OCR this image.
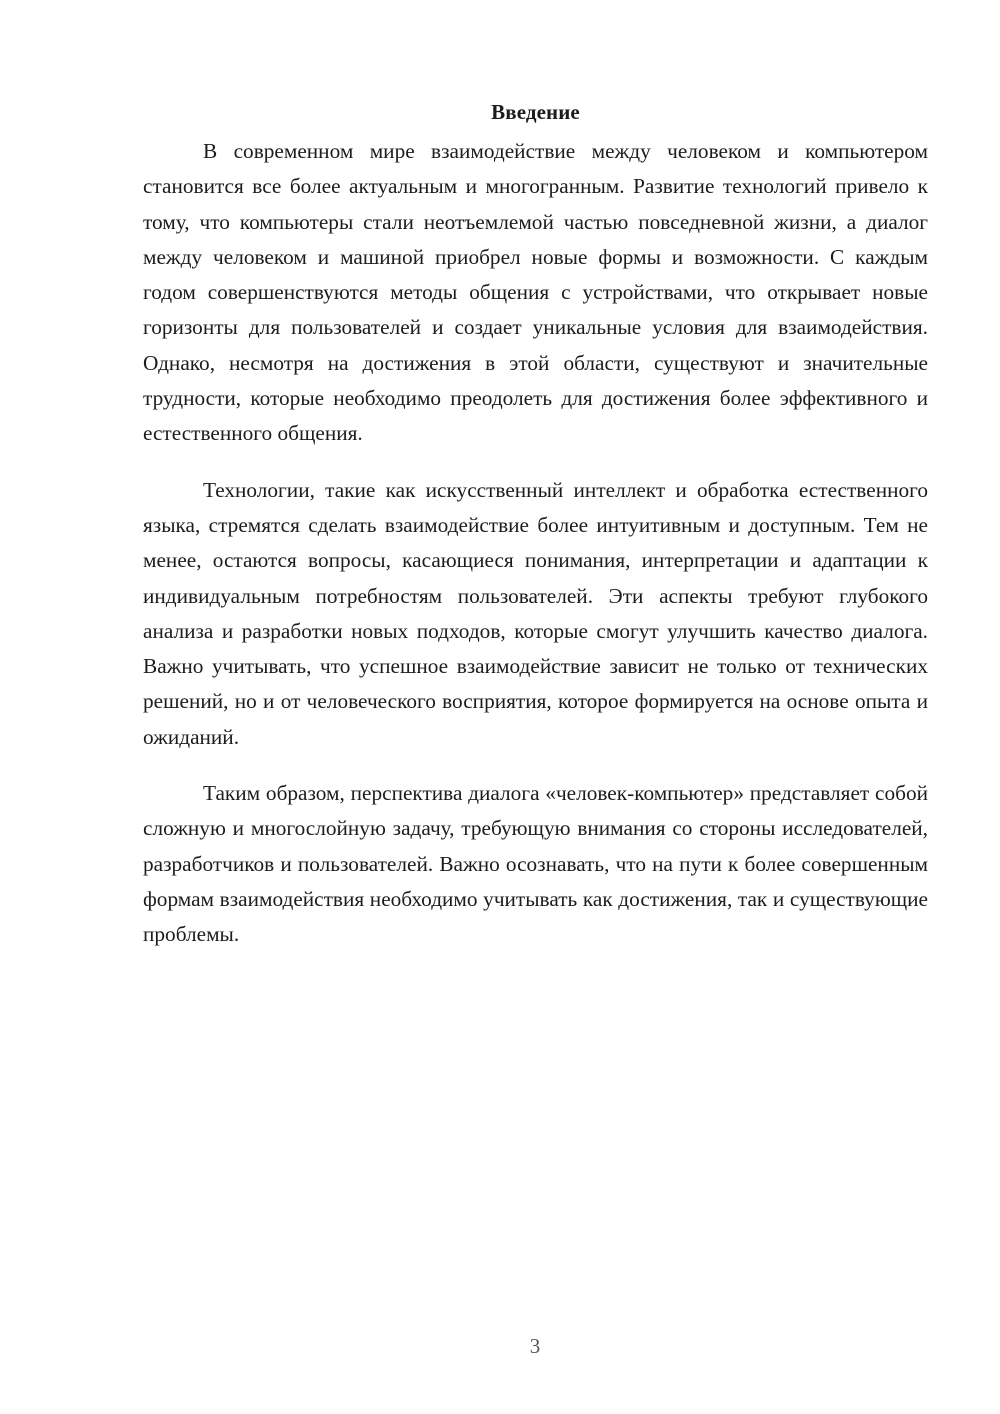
Введение

В современном мире взаимодействие между человеком и компьютером становится все более актуальным и многогранным. Развитие технологий привело к тому, что компьютеры стали неотъемлемой частью повседневной жизни, а диалог между человеком и машиной приобрел новые формы и возможности. С каждым годом совершенствуются методы общения с устройствами, что открывает новые горизонты для пользователей и создает уникальные условия для взаимодействия. Однако, несмотря на достижения в этой области, существуют и значительные трудности, которые необходимо преодолеть для достижения более эффективного и естественного общения.

Технологии, такие как искусственный интеллект и обработка естественного языка, стремятся сделать взаимодействие более интуитивным и доступным. Тем не менее, остаются вопросы, касающиеся понимания, интерпретации и адаптации к индивидуальным потребностям пользователей. Эти аспекты требуют глубокого анализа и разработки новых подходов, которые смогут улучшить качество диалога. Важно учитывать, что успешное взаимодействие зависит не только от технических решений, но и от человеческого восприятия, которое формируется на основе опыта и ожиданий.

Таким образом, перспектива диалога «человек-компьютер» представляет собой сложную и многослойную задачу, требующую внимания со стороны исследователей, разработчиков и пользователей. Важно осознавать, что на пути к более совершенным формам взаимодействия необходимо учитывать как достижения, так и существующие проблемы.

3
